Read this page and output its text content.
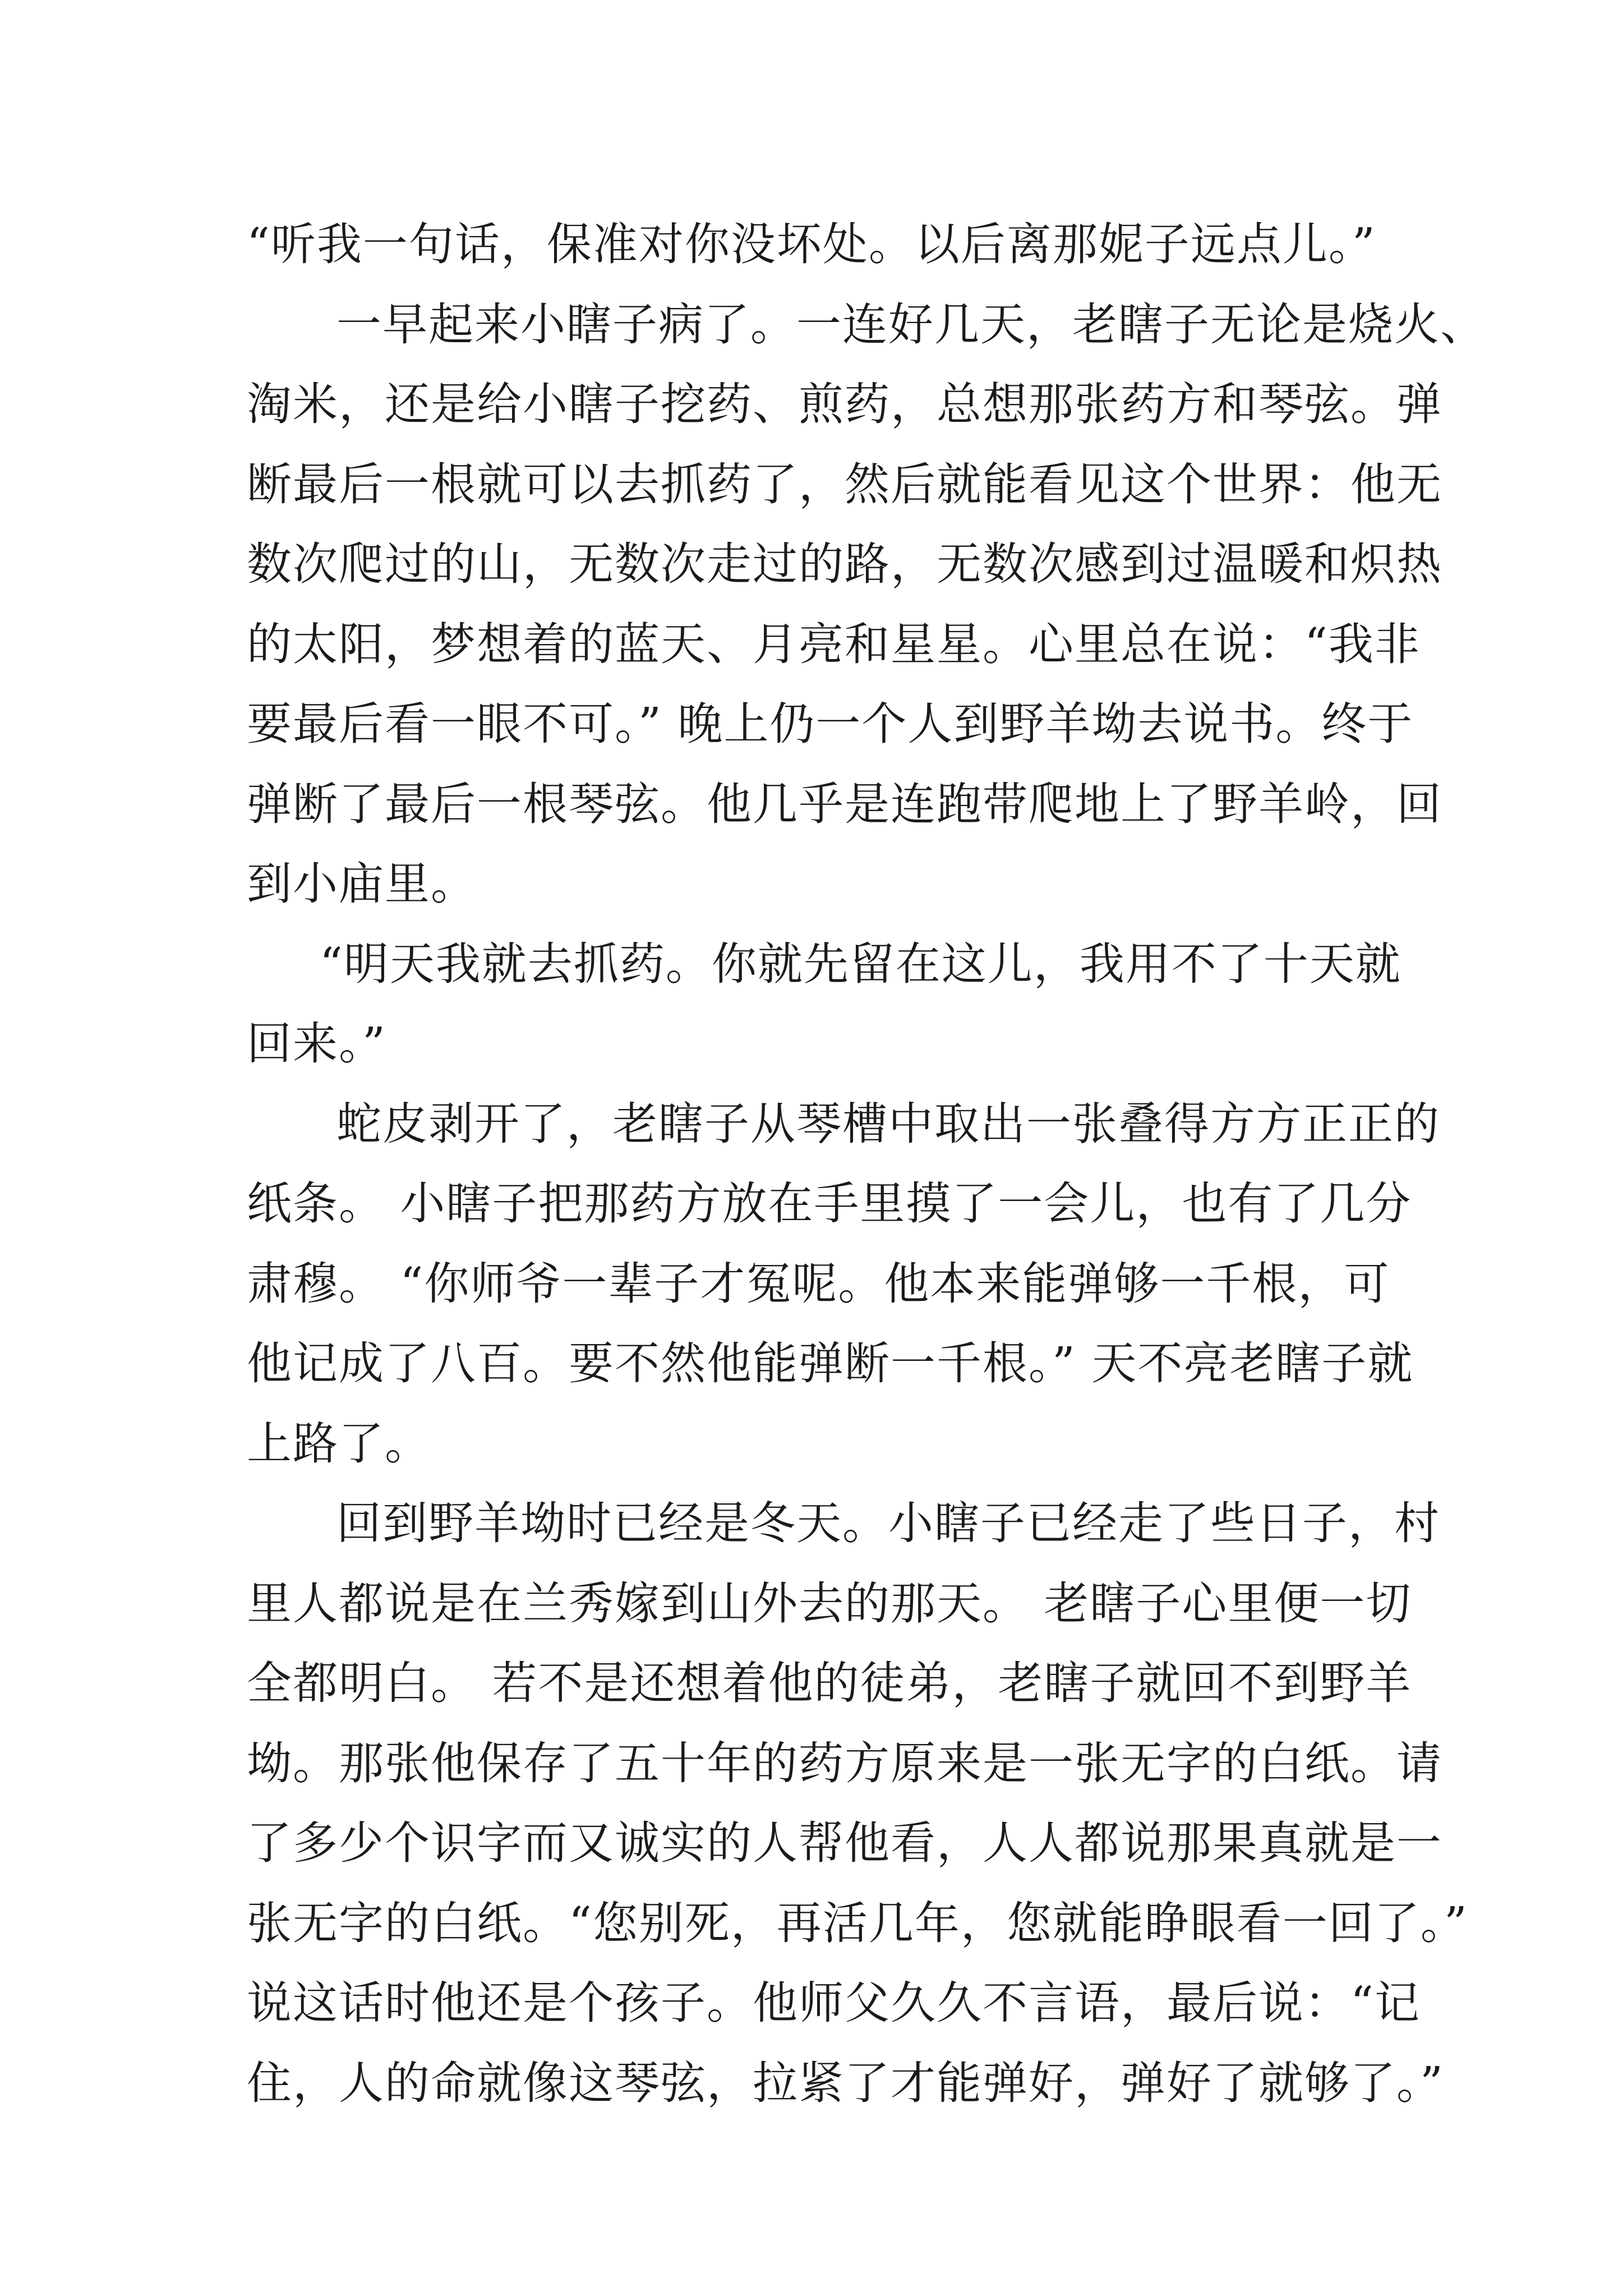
“听我一句话，保准对你没坏处。以后离那妮子远点儿。”
一早起来小瞎子病了。一连好几天，老瞎子无论是烧火、
淘米，还是给小瞎子挖药、煎药，总想那张药方和琴弦。弹
断最后一根就可以去抓药了，然后就能看见这个世界：他无
数次爬过的山，无数次走过的路，无数次感到过温暖和炽热
的太阳，梦想着的蓝天、月亮和星星。心里总在说：“我非
要最后看一眼不可。” 晚上仍一个人到野羊坳去说书。终于
弹断了最后一根琴弦。他几乎是连跑带爬地上了野羊岭，回
到小庙里。
“明天我就去抓药。你就先留在这儿，我用不了十天就
回来。”
蛇皮剥开了，老瞎子从琴槽中取出一张叠得方方正正的
纸条。 小瞎子把那药方放在手里摸了一会儿，也有了几分
肃穆。 “你师爷一辈子才冤呢。他本来能弹够一千根，可
他记成了八百。要不然他能弹断一千根。” 天不亮老瞎子就
上路了。
回到野羊坳时已经是冬天。小瞎子已经走了些日子，村
里人都说是在兰秀嫁到山外去的那天。 老瞎子心里便一切
全都明白。 若不是还想着他的徒弟，老瞎子就回不到野羊
坳。那张他保存了五十年的药方原来是一张无字的白纸。请
了多少个识字而又诚实的人帮他看，人人都说那果真就是一
张无字的白纸。“您别死，再活几年，您就能睁眼看一回了。”
说这话时他还是个孩子。他师父久久不言语，最后说：“记
住，人的命就像这琴弦，拉紧了才能弹好，弹好了就够了。”
